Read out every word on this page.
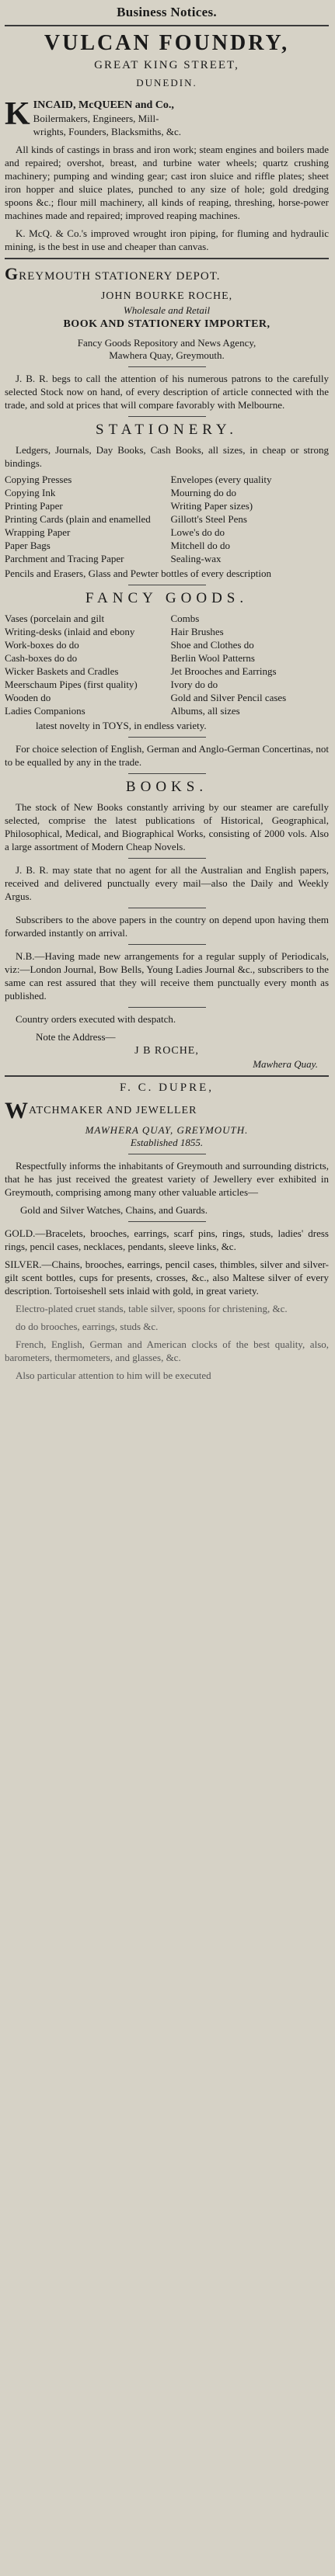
Business Notices.
VULCAN FOUNDRY,
GREAT KING STREET,
DUNEDIN.
K INCAID, McQUEEN and Co.,
Boilermakers, Engineers, Mill-
wrights, Founders, Blacksmiths, &c.

All kinds of castings in brass and iron work; steam engines and boilers made and repaired; overshot, breast, and turbine water wheels; quartz crushing machinery; pumping and winding gear; cast iron sluice and riffle plates; sheet iron hopper and sluice plates, punched to any size of hole; gold dredging spoons &c.; flour mill machinery, all kinds of reaping, threshing, horse-power machines made and repaired; improved reaping machines.

K. McQ. & Co.'s improved wrought iron piping, for fluming and hydraulic mining, is the best in use and cheaper than canvas.

GREYMOUTH STATIONERY DEPOT.
JOHN BOURKE ROCHE,
Wholesale and Retail
BOOK AND STATIONERY IMPORTER,
Fancy Goods Repository and News Agency,
Mawhera Quay, Greymouth.

J. B. R. begs to call the attention of his numerous patrons to the carefully selected Stock now on hand, of every description of article connected with the trade, and sold at prices that will compare favorably with Melbourne.

STATIONERY.

Ledgers, Journals, Day Books, Cash Books, all sizes, in cheap or strong bindings.

Copying Presses
Copying Ink
Printing Paper
Printing Cards (plain and enamelled
Wrapping Paper
Paper Bags
Parchment and Tracing Paper
Envelopes (every quality
Mourning do do
Writing Paper sizes)
Gillott's Steel Pens
Lowe's do do
Mitchell do do
Sealing-wax

Pencils and Erasers, Glass and Pewter bottles of every description

FANCY GOODS.
Vases (porcelain and gilt
Writing-desks (inlaid and ebony
Work-boxes do do
Cash-boxes do do
Wicker Baskets and Cradles
Meerschaum Pipes (first quality)
Wooden do
Ladies Companions
Combs
Hair Brushes
Shoe and Clothes do
Berlin Wool Patterns
Jet Brooches and Earrings
Ivory do do
Gold and Silver Pencil cases
Albums, all sizes

latest novelty in TOYS, in endless variety.

For choice selection of English, German and Anglo-German Concertinas, not to be equalled by any in the trade.

BOOKS.

The stock of New Books constantly arriving by our steamer are carefully selected, comprise the latest publications of Historical, Geographical, Philosophical, Medical, and Biographical Works, consisting of 2000 vols. Also a large assortment of Modern Cheap Novels.

J. B. R. may state that no agent for all the Australian and English papers, received and delivered punctually every mail—also the Daily and Weekly Argus.

Subscribers to the above papers in the country on depend upon having them forwarded instantly on arrival.

N.B.—Having made new arrangements for a regular supply of Periodicals, viz:—London Journal, Bow Bells, Young Ladies Journal &c., subscribers to the same can rest assured that they will receive them punctually every month as published.

Country orders executed with despatch.

Note the Address—

J B ROCHE,
Mawhera Quay.
F. C. DUPRE,
WATCHMAKER AND JEWELLER
MAWHERA QUAY, GREYMOUTH.
Established 1855.

Respectfully informs the inhabitants of Greymouth and surrounding districts, that he has just received the greatest variety of Jewellery ever exhibited in Greymouth, comprising among many other valuable articles—

Gold and Silver Watches, Chains, and Guards.

GOLD.—Bracelets, brooches, earrings, scarf pins, rings, studs, ladies' dress rings, pencil cases, necklaces, pendants, sleeve links, &c.

SILVER.—Chains, brooches, earrings, pencil cases, thimbles, silver and silver-gilt scent bottles, cups for presents, crosses, &c., also Maltese silver of every description. Tortoiseshell sets inlaid with gold, in great variety.

Electro-plated cruet stands, table silver, spoons for christening, &c.

do do brooches, earrings, studs &c.

French, English, German and American clocks of the best quality, also, barometers, thermometers, and glasses, &c.

Also particular attention to him will be executed
